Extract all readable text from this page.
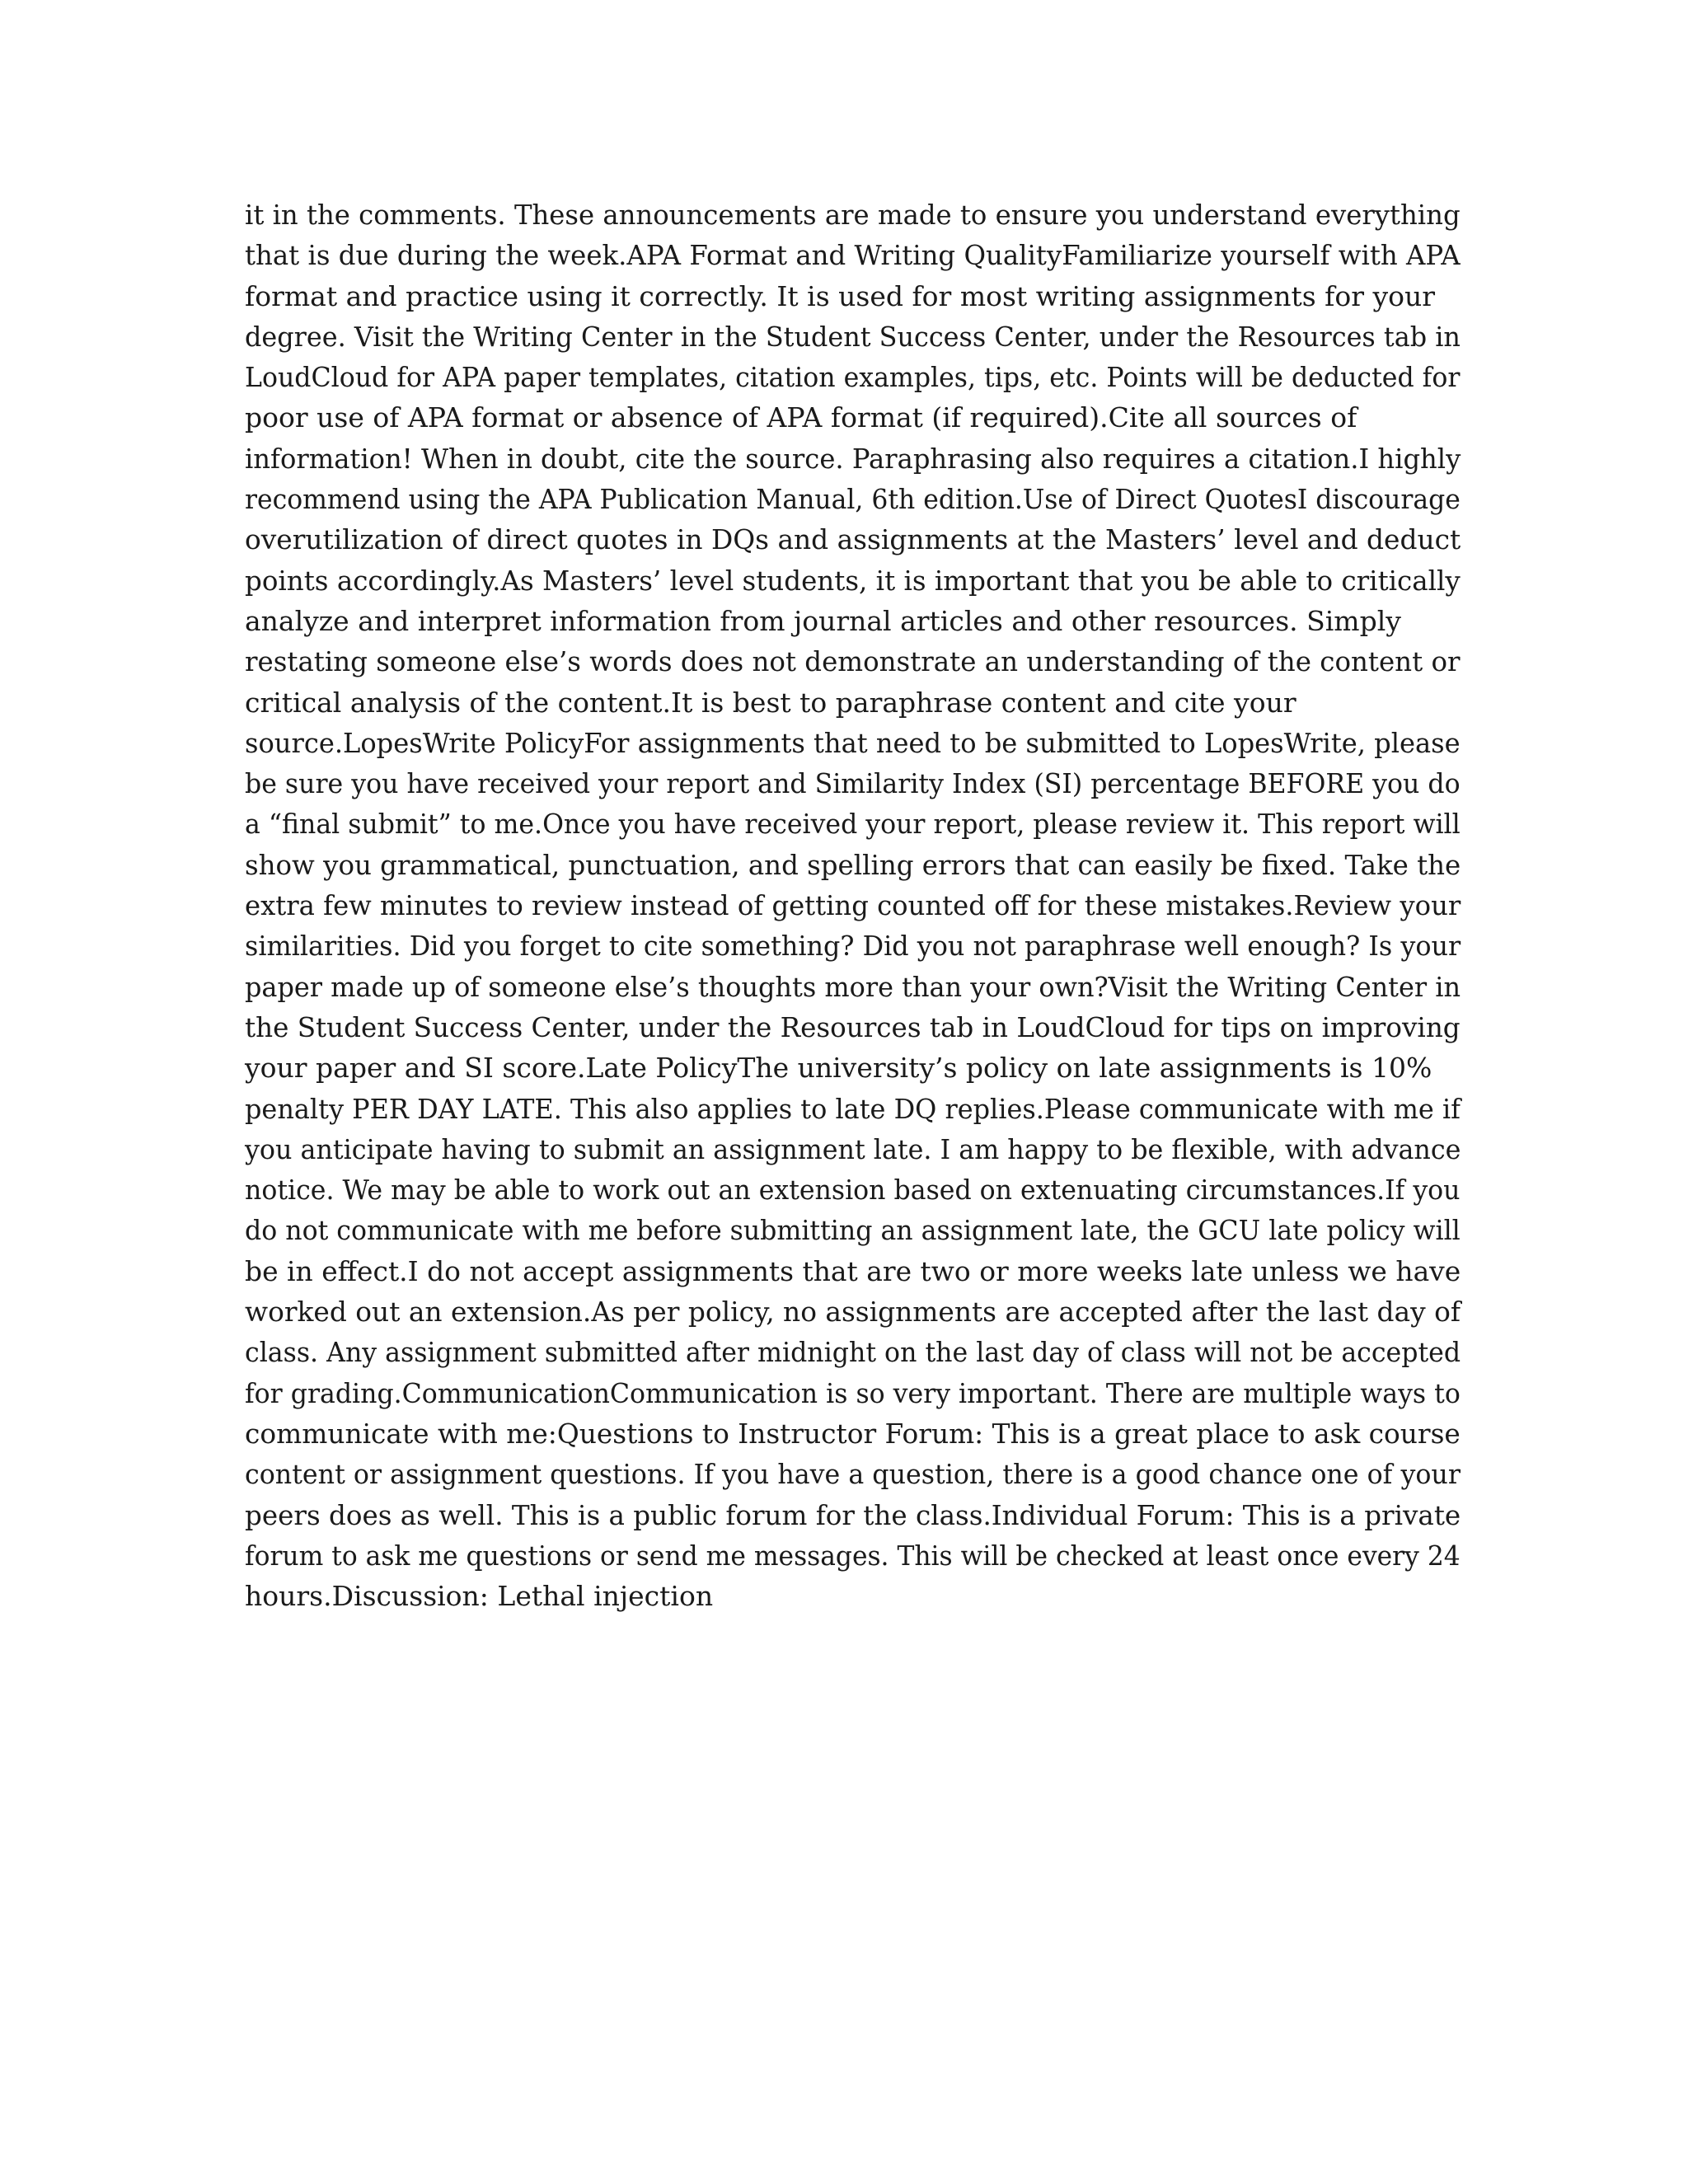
it in the comments. These announcements are made to ensure you understand everything
that is due during the week.APA Format and Writing QualityFamiliarize yourself with APA
format and practice using it correctly. It is used for most writing assignments for your
degree. Visit the Writing Center in the Student Success Center, under the Resources tab in
LoudCloud for APA paper templates, citation examples, tips, etc. Points will be deducted for
poor use of APA format or absence of APA format (if required).Cite all sources of
information! When in doubt, cite the source. Paraphrasing also requires a citation.I highly
recommend using the APA Publication Manual, 6th edition.Use of Direct QuotesI discourage
overutilization of direct quotes in DQs and assignments at the Masters’ level and deduct
points accordingly.As Masters’ level students, it is important that you be able to critically
analyze and interpret information from journal articles and other resources. Simply
restating someone else’s words does not demonstrate an understanding of the content or
critical analysis of the content.It is best to paraphrase content and cite your
source.LopesWrite PolicyFor assignments that need to be submitted to LopesWrite, please
be sure you have received your report and Similarity Index (SI) percentage BEFORE you do
a “final submit” to me.Once you have received your report, please review it. This report will
show you grammatical, punctuation, and spelling errors that can easily be fixed. Take the
extra few minutes to review instead of getting counted off for these mistakes.Review your
similarities. Did you forget to cite something? Did you not paraphrase well enough? Is your
paper made up of someone else’s thoughts more than your own?Visit the Writing Center in
the Student Success Center, under the Resources tab in LoudCloud for tips on improving
your paper and SI score.Late PolicyThe university’s policy on late assignments is 10%
penalty PER DAY LATE. This also applies to late DQ replies.Please communicate with me if
you anticipate having to submit an assignment late. I am happy to be flexible, with advance
notice. We may be able to work out an extension based on extenuating circumstances.If you
do not communicate with me before submitting an assignment late, the GCU late policy will
be in effect.I do not accept assignments that are two or more weeks late unless we have
worked out an extension.As per policy, no assignments are accepted after the last day of
class. Any assignment submitted after midnight on the last day of class will not be accepted
for grading.CommunicationCommunication is so very important. There are multiple ways to
communicate with me:Questions to Instructor Forum: This is a great place to ask course
content or assignment questions. If you have a question, there is a good chance one of your
peers does as well. This is a public forum for the class.Individual Forum: This is a private
forum to ask me questions or send me messages. This will be checked at least once every 24
hours.Discussion: Lethal injection
